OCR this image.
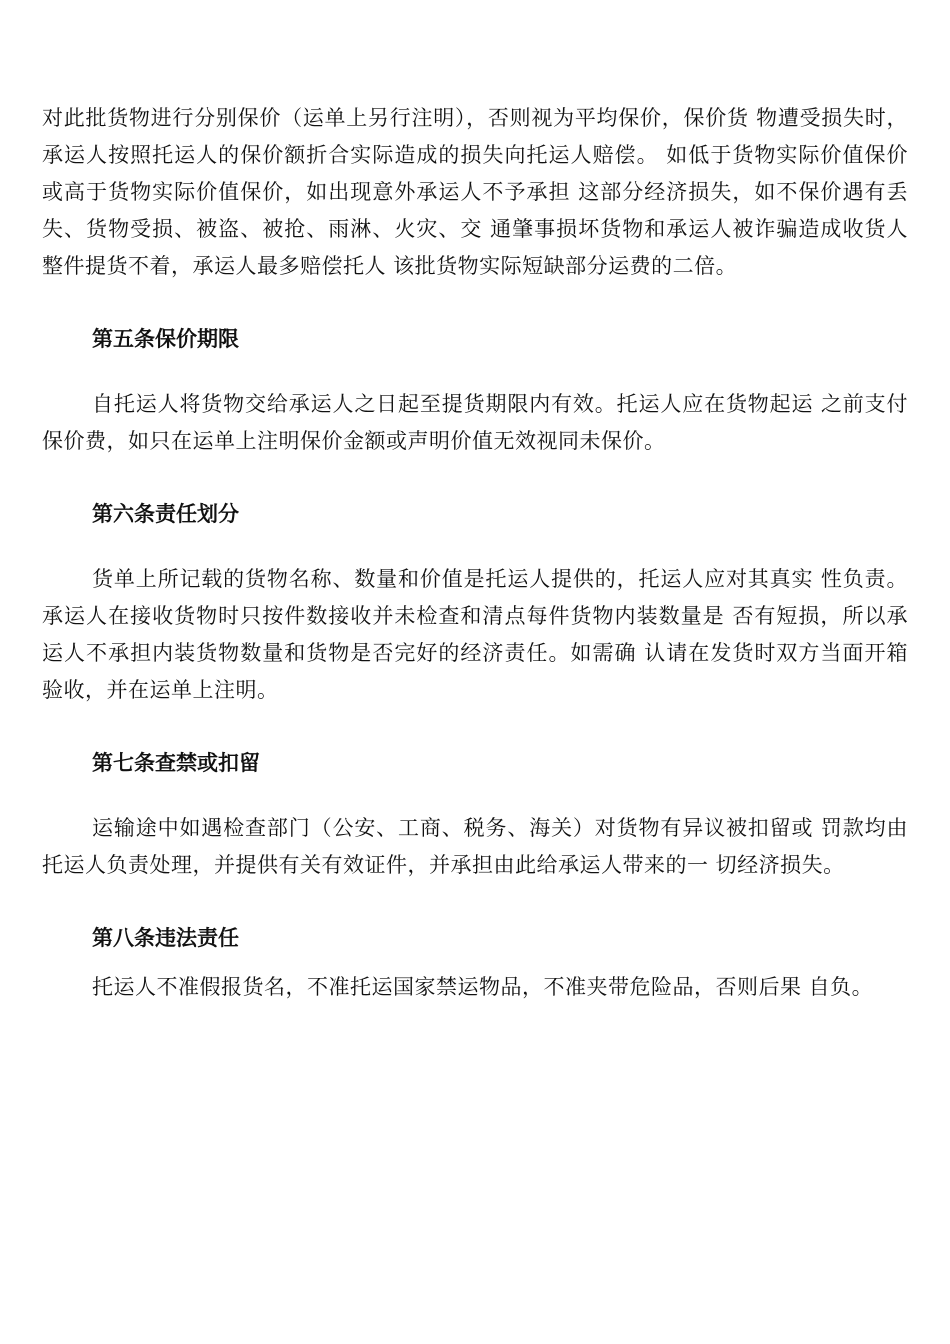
对此批货物进行分别保价（运单上另行注明），否则视为平均保价，保价货 物遭受损失时，承运人按照托运人的保价额折合实际造成的损失向托运人赔偿。 如低于货物实际价值保价或高于货物实际价值保价，如出现意外承运人不予承担 这部分经济损失，如不保价遇有丢失、货物受损、被盗、被抢、雨淋、火灾、交 通肇事损坏货物和承运人被诈骗造成收货人整件提货不着，承运人最多赔偿托人 该批货物实际短缺部分运费的二倍。

第五条保价期限

自托运人将货物交给承运人之日起至提货期限内有效。托运人应在货物起运 之前支付保价费，如只在运单上注明保价金额或声明价值无效视同未保价。

第六条责任划分

货单上所记载的货物名称、数量和价值是托运人提供的，托运人应对其真实 性负责。承运人在接收货物时只按件数接收并未检查和清点每件货物内装数量是 否有短损，所以承运人不承担内装货物数量和货物是否完好的经济责任。如需确 认请在发货时双方当面开箱验收，并在运单上注明。

第七条查禁或扣留

运输途中如遇检查部门（公安、工商、税务、海关）对货物有异议被扣留或 罚款均由托运人负责处理，并提供有关有效证件，并承担由此给承运人带来的一 切经济损失。

第八条违法责任

托运人不准假报货名，不准托运国家禁运物品，不准夹带危险品，否则后果 自负。
